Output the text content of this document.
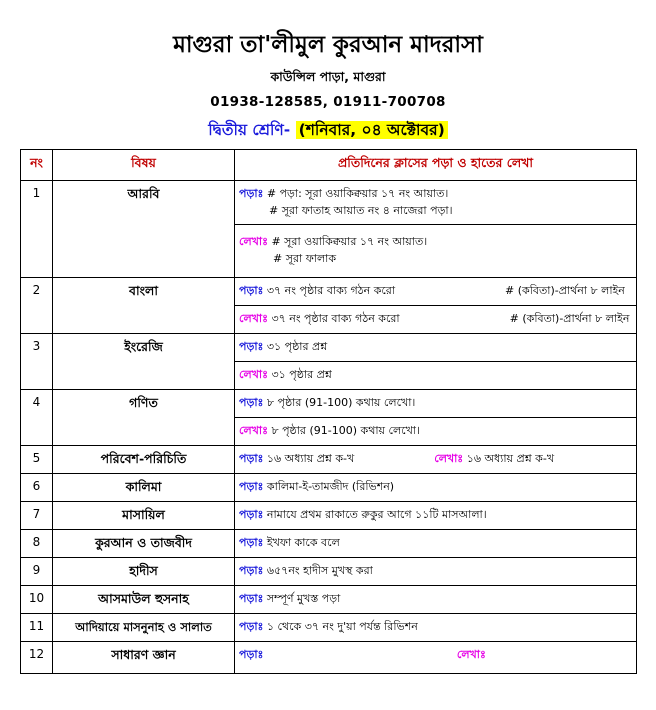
মাগুরা তা'লীমুল কুরআন মাদরাসা
কাউন্সিল পাড়া, মাগুরা
01938-128585, 01911-700708
দ্বিতীয় শ্রেণি- (শনিবার, ০৪ অক্টোবর)
নং	বিষয়	প্রতিদিনের ক্লাসের পড়া ও হাতের লেখা
1	আরবি	পড়াঃ # পড়া: সূরা ওয়াকিক্বয়ার ১৭ নং আয়াত।
# সূরা ফাতাহ আয়াত নং ৪ নাজেরা পড়া।

		লেখাঃ # সূরা ওয়াকিক্বয়ার ১৭ নং আয়াত।
# সূরা ফালাক

2	বাংলা	পড়াঃ ৩৭ নং পৃষ্ঠার বাক্য গঠন করো # (কবিতা)-প্রার্থনা ৮ লাইন
		লেখাঃ ৩৭ নং পৃষ্ঠার বাক্য গঠন করো # (কবিতা)-প্রার্থনা ৮ লাইন
3	ইংরেজি	পড়াঃ ৩১ পৃষ্ঠার প্রশ্ন
		লেখাঃ ৩১ পৃষ্ঠার প্রশ্ন
4	গণিত	পড়াঃ ৮ পৃষ্ঠার (91-100) কথায় লেখো।
		লেখাঃ ৮ পৃষ্ঠার (91-100) কথায় লেখো।
5	পরিবেশ-পরিচিতি	পড়াঃ ১৬ অধ্যায় প্রশ্ন ক-খ লেখাঃ ১৬ অধ্যায় প্রশ্ন ক-খ
6	কালিমা	পড়াঃ কালিমা-ই-তামজীদ (রিভিশন)
7	মাসায়িল	পড়াঃ নামাযে প্রথম রাকাতে রুকুর আগে ১১টি মাসআলা।
8	কুরআন ও তাজবীদ	পড়াঃ ইখফা কাকে বলে
9	হাদীস	পড়াঃ ৬৫৭নং হাদীস মুখস্থ করা
10	আসমাউল হুসনাহ	পড়াঃ সম্পূর্ণ মুখস্ত পড়া
11	আদিয়ায়ে মাসনুনাহ ও সালাত	পড়াঃ ১ থেকে ৩৭ নং দু'য়া পর্যন্ত রিভিশন
12	সাধারণ জ্ঞান	পড়াঃ লেখাঃ
